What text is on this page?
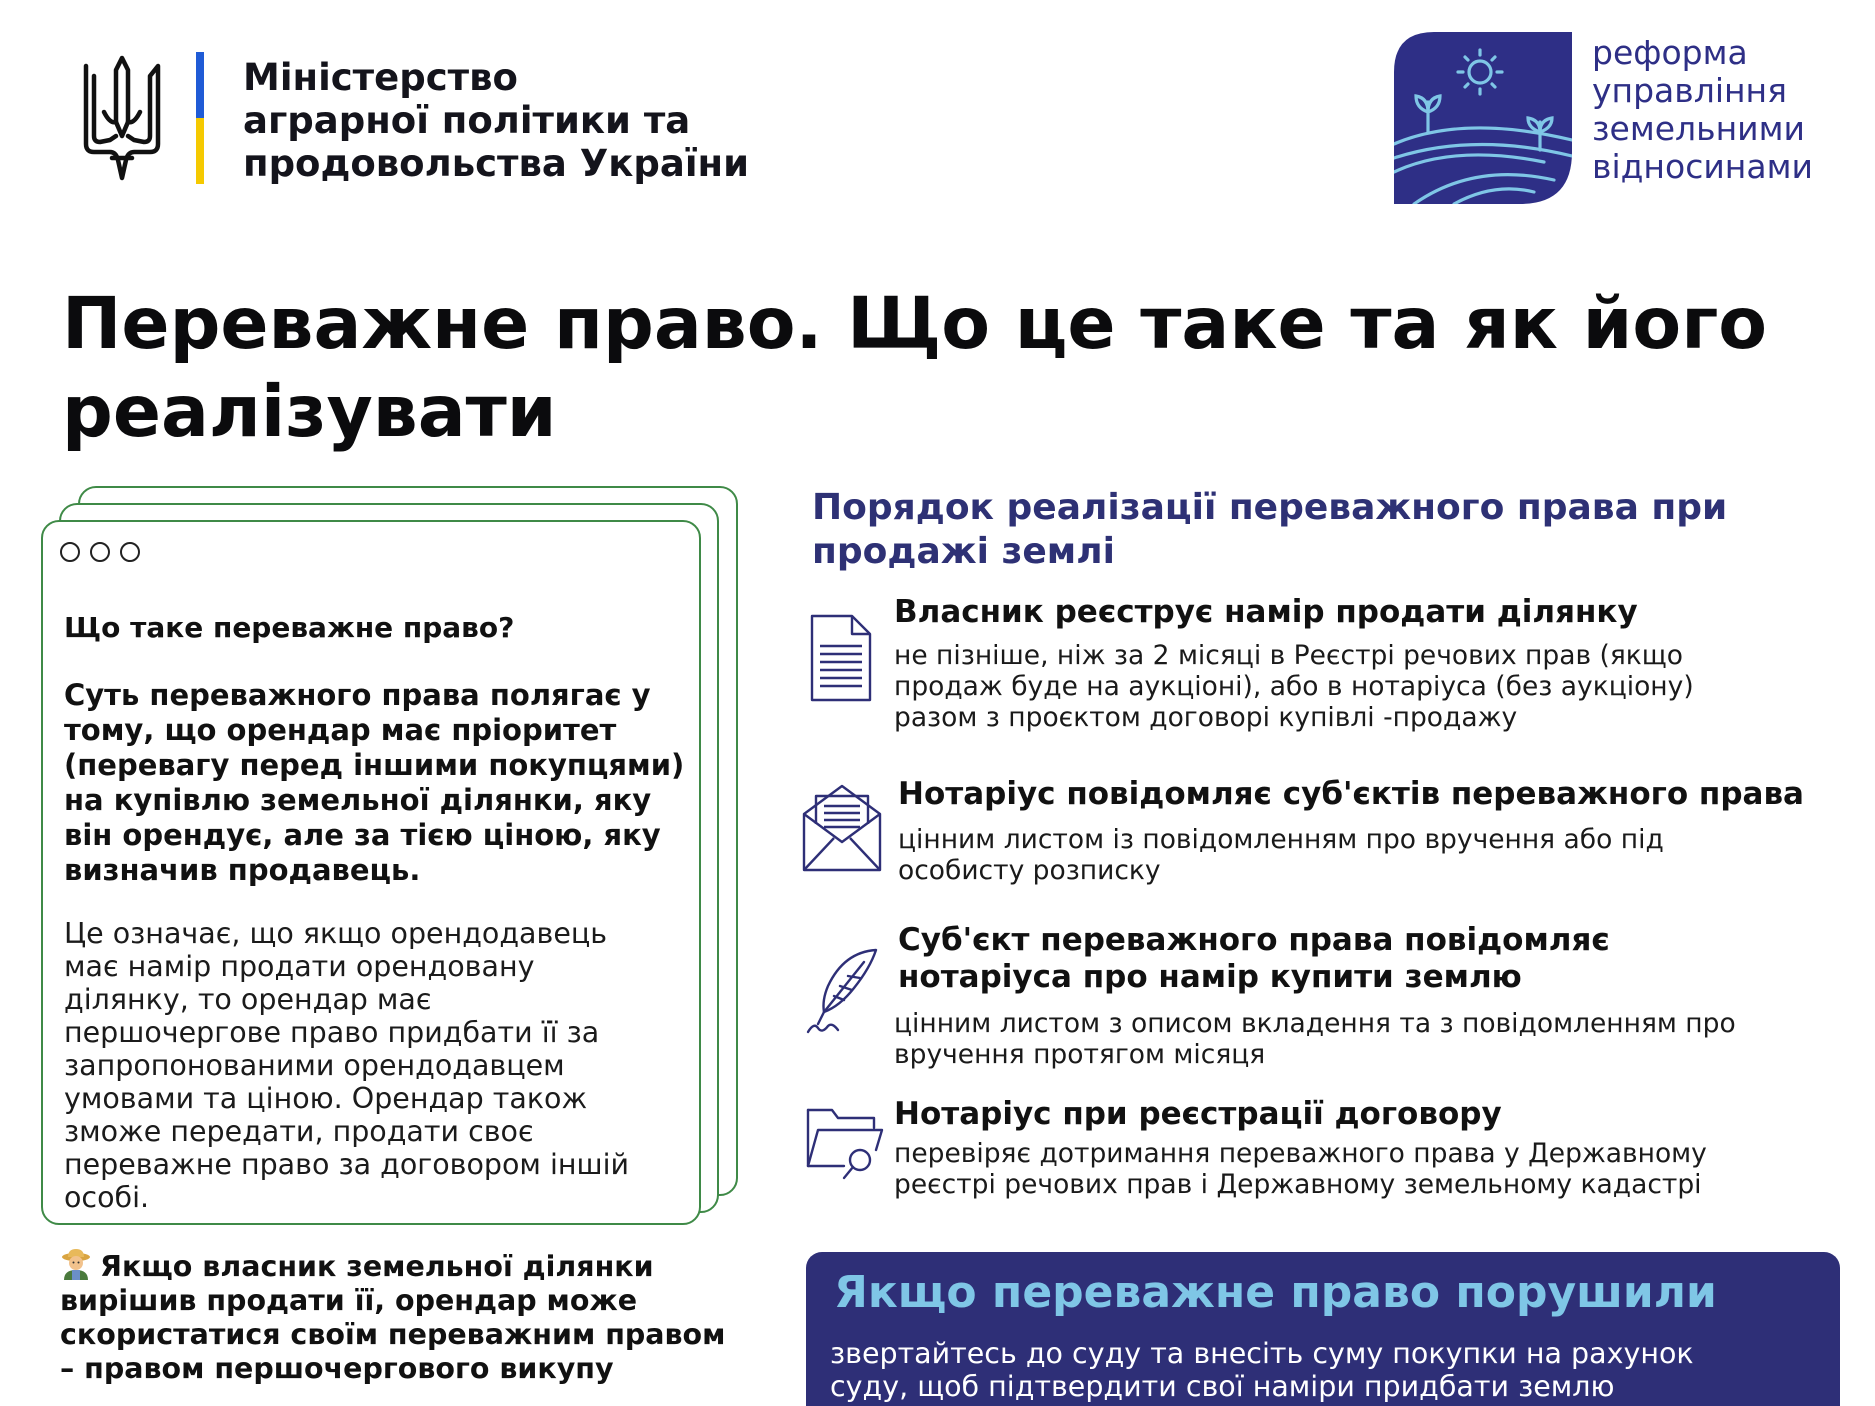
Міністерство
аграрної політики та
продовольства України
реформа
управління
земельними
відносинами
Переважне право. Що це таке та як його
реалізувати
Що таке переважне право?
Суть переважного права полягає у
тому, що орендар має пріоритет
(перевагу перед іншими покупцями)
на купівлю земельної ділянки, яку
він орендує, але за тією ціною, яку
визначив продавець.
Це означає, що якщо орендодавець
має намір продати орендовану
ділянку, то орендар має
першочергове право придбати її за
запропонованими орендодавцем
умовами та ціною. Орендар також
зможе передати, продати своє
переважне право за договором іншій
особі.
Якщо власник земельної ділянки
вирішив продати її, орендар може
скористатися своїм переважним правом
– правом першочергового викупу
Порядок реалізації переважного права при
продажі землі
Власник реєструє намір продати ділянку
не пізніше, ніж за 2 місяці в Реєстрі речових прав (якщо
продаж буде на аукціоні), або в нотаріуса (без аукціону)
разом з проєктом договорі купівлі -продажу
Нотаріус повідомляє суб'єктів переважного права
цінним листом із повідомленням про вручення або під
особисту розписку
Суб'єкт переважного права повідомляє
нотаріуса про намір купити землю
цінним листом з описом вкладення та з повідомленням про
вручення протягом місяця
Нотаріус при реєстрації договору
перевіряє дотримання переважного права у Державному
реєстрі речових прав і Державному земельному кадастрі
Якщо переважне право порушили
звертайтесь до суду та внесіть суму покупки на рахунок
суду, щоб підтвердити свої наміри придбати землю
